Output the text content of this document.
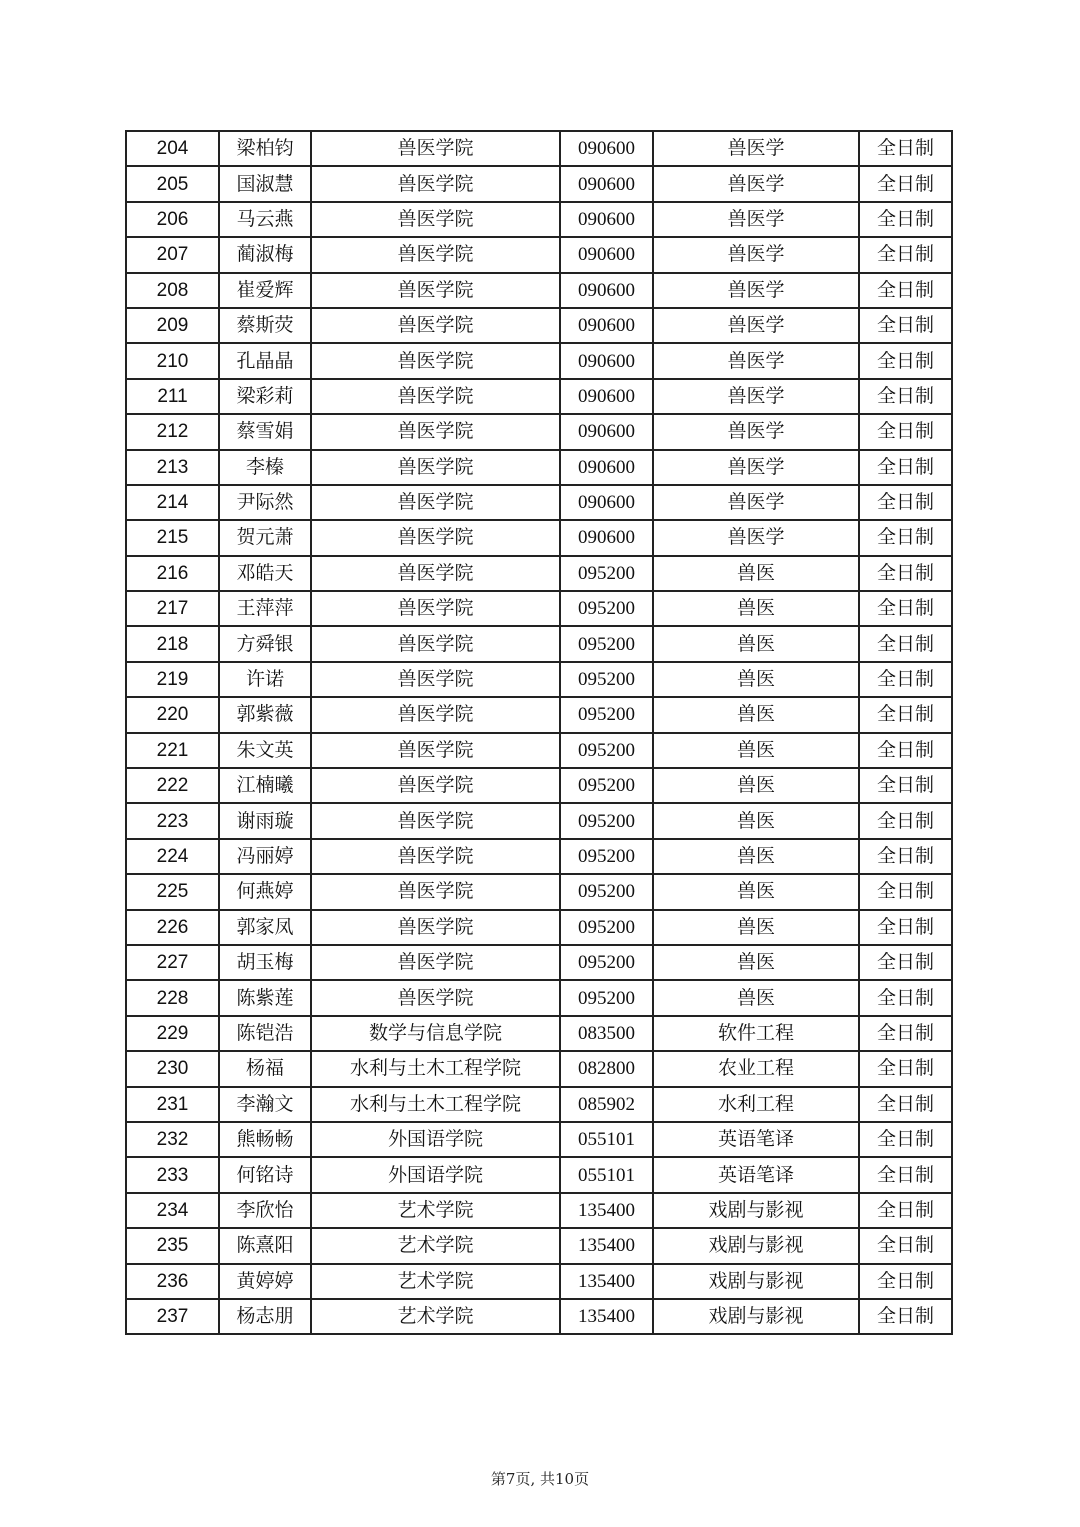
204	梁柏钧	兽医学院	090600	兽医学	全日制
205	国淑慧	兽医学院	090600	兽医学	全日制
206	马云燕	兽医学院	090600	兽医学	全日制
207	蔺淑梅	兽医学院	090600	兽医学	全日制
208	崔爱辉	兽医学院	090600	兽医学	全日制
209	蔡斯荧	兽医学院	090600	兽医学	全日制
210	孔晶晶	兽医学院	090600	兽医学	全日制
211	梁彩莉	兽医学院	090600	兽医学	全日制
212	蔡雪娟	兽医学院	090600	兽医学	全日制
213	李榛	兽医学院	090600	兽医学	全日制
214	尹际然	兽医学院	090600	兽医学	全日制
215	贺元萧	兽医学院	090600	兽医学	全日制
216	邓皓天	兽医学院	095200	兽医	全日制
217	王萍萍	兽医学院	095200	兽医	全日制
218	方舜银	兽医学院	095200	兽医	全日制
219	许诺	兽医学院	095200	兽医	全日制
220	郭紫薇	兽医学院	095200	兽医	全日制
221	朱文英	兽医学院	095200	兽医	全日制
222	江楠曦	兽医学院	095200	兽医	全日制
223	谢雨璇	兽医学院	095200	兽医	全日制
224	冯丽婷	兽医学院	095200	兽医	全日制
225	何燕婷	兽医学院	095200	兽医	全日制
226	郭家凤	兽医学院	095200	兽医	全日制
227	胡玉梅	兽医学院	095200	兽医	全日制
228	陈紫莲	兽医学院	095200	兽医	全日制
229	陈铠浩	数学与信息学院	083500	软件工程	全日制
230	杨福	水利与土木工程学院	082800	农业工程	全日制
231	李瀚文	水利与土木工程学院	085902	水利工程	全日制
232	熊畅畅	外国语学院	055101	英语笔译	全日制
233	何铭诗	外国语学院	055101	英语笔译	全日制
234	李欣怡	艺术学院	135400	戏剧与影视	全日制
235	陈熹阳	艺术学院	135400	戏剧与影视	全日制
236	黄婷婷	艺术学院	135400	戏剧与影视	全日制
237	杨志朋	艺术学院	135400	戏剧与影视	全日制
第7页, 共10页
